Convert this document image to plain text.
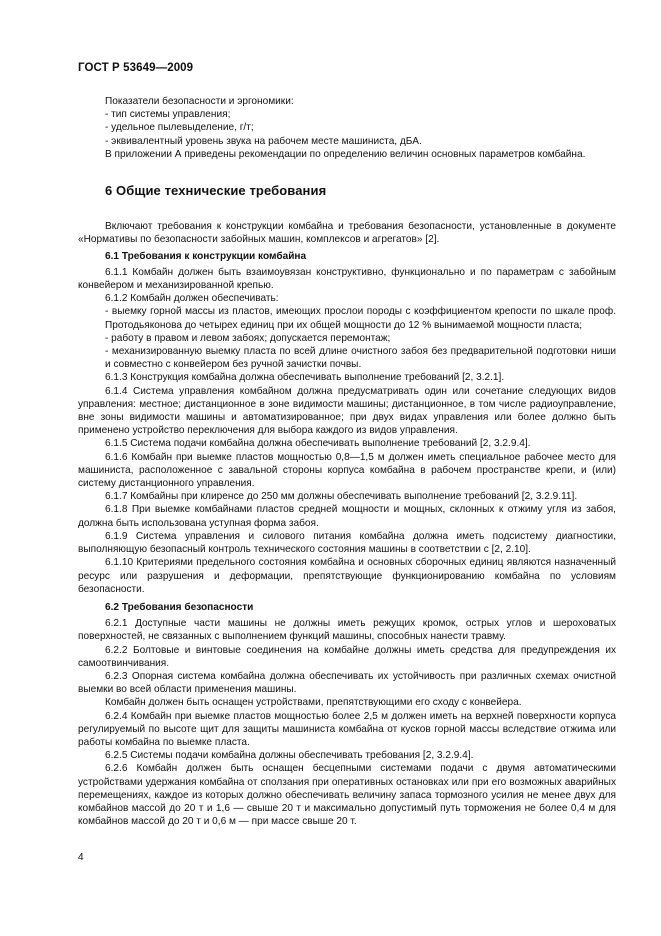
ГОСТ Р 53649—2009

Показатели безопасности и эргономики:

- тип системы управления;

- удельное пылевыделение, г/т;

- эквивалентный уровень звука на рабочем месте машиниста, дБА.

В приложении А приведены рекомендации по определению величин основных параметров комбайна.

6 Общие технические требования

Включают требования к конструкции комбайна и требования безопасности, установленные в документе «Нормативы по безопасности забойных машин, комплексов и агрегатов» [2].

6.1 Требования к конструкции комбайна

6.1.1 Комбайн должен быть взаимоувязан конструктивно, функционально и по параметрам с забойным конвейером и механизированной крепью.

6.1.2 Комбайн должен обеспечивать:

- выемку горной массы из пластов, имеющих прослои породы с коэффициентом крепости по шкале проф. Протодьяконова до четырех единиц при их общей мощности до 12 % вынимаемой мощности пласта;

- работу в правом и левом забоях; допускается перемонтаж;

- механизированную выемку пласта по всей длине очистного забоя без предварительной подготовки ниши и совместно с конвейером без ручной зачистки почвы.

6.1.3 Конструкция комбайна должна обеспечивать выполнение требований [2, 3.2.1].

6.1.4 Система управления комбайном должна предусматривать один или сочетание следующих видов управления: местное; дистанционное в зоне видимости машины; дистанционное, в том числе радиоуправление, вне зоны видимости машины и автоматизированное; при двух видах управления или более должно быть применено устройство переключения для выбора каждого из видов управления.

6.1.5 Система подачи комбайна должна обеспечивать выполнение требований [2, 3.2.9.4].

6.1.6 Комбайн при выемке пластов мощностью 0,8—1,5 м должен иметь специальное рабочее место для машиниста, расположенное с завальной стороны корпуса комбайна в рабочем пространстве крепи, и (или) систему дистанционного управления.

6.1.7 Комбайны при клиренсе до 250 мм должны обеспечивать выполнение требований [2, 3.2.9.11].

6.1.8 При выемке комбайнами пластов средней мощности и мощных, склонных к отжиму угля из забоя, должна быть использована уступная форма забоя.

6.1.9 Система управления и силового питания комбайна должна иметь подсистему диагностики, выполняющую безопасный контроль технического состояния машины в соответствии с [2, 2.10].

6.1.10 Критериями предельного состояния комбайна и основных сборочных единиц являются назначенный ресурс или разрушения и деформации, препятствующие функционированию комбайна по условиям безопасности.

6.2 Требования безопасности

6.2.1 Доступные части машины не должны иметь режущих кромок, острых углов и шероховатых поверхностей, не связанных с выполнением функций машины, способных нанести травму.

6.2.2 Болтовые и винтовые соединения на комбайне должны иметь средства для предупреждения их самоотвинчивания.

6.2.3 Опорная система комбайна должна обеспечивать их устойчивость при различных схемах очистной выемки во всей области применения машины.

Комбайн должен быть оснащен устройствами, препятствующими его сходу с конвейера.

6.2.4 Комбайн при выемке пластов мощностью более 2,5 м должен иметь на верхней поверхности корпуса регулируемый по высоте щит для защиты машиниста комбайна от кусков горной массы вследствие отжима или работы комбайна по выемке пласта.

6.2.5 Системы подачи комбайна должны обеспечивать требования [2, 3.2.9.4].

6.2.6 Комбайн должен быть оснащен бесцепными системами подачи с двумя автоматическими устройствами удержания комбайна от сползания при оперативных остановках или при его возможных аварийных перемещениях, каждое из которых должно обеспечивать величину запаса тормозного усилия не менее двух для комбайнов массой до 20 т и 1,6 — свыше 20 т и максимально допустимый путь торможения не более 0,4 м для комбайнов массой до 20 т и 0,6 м — при массе свыше 20 т.

4
